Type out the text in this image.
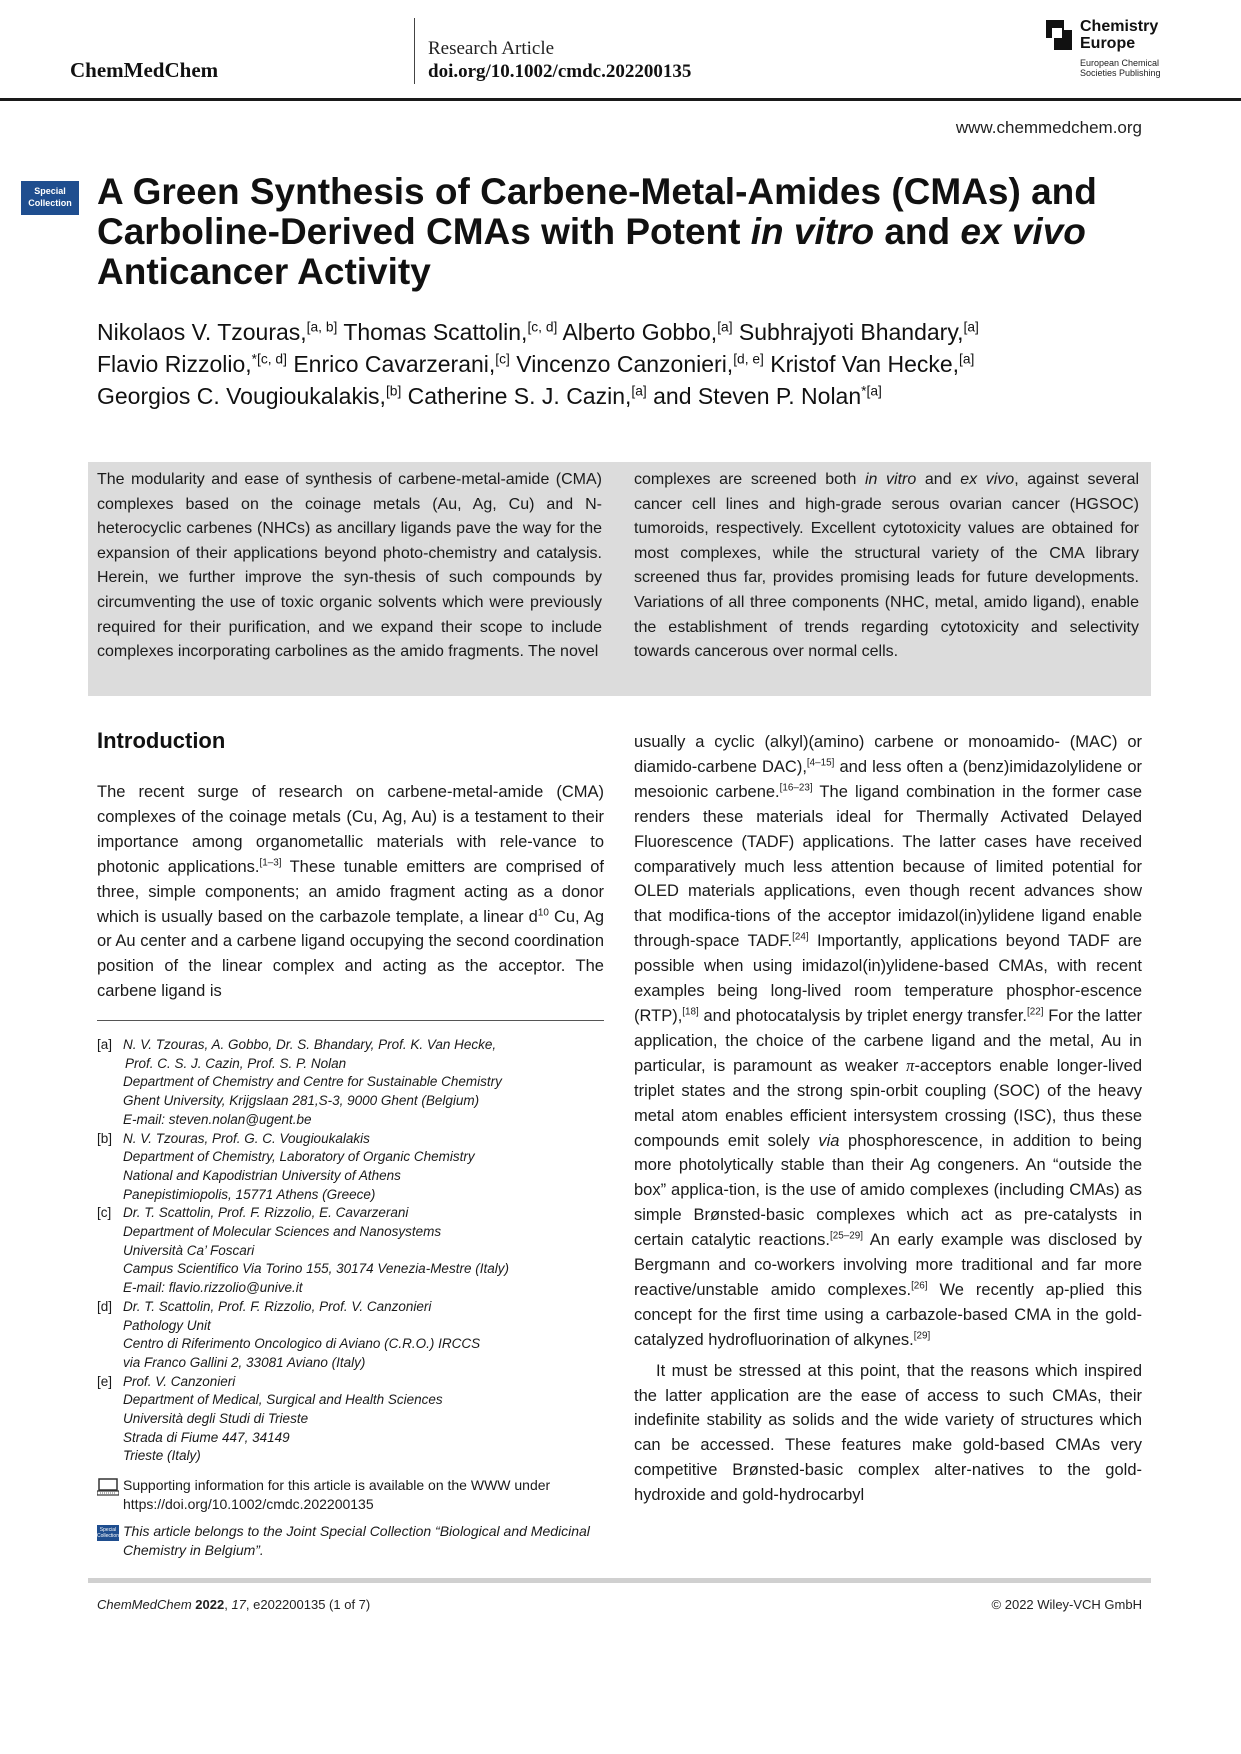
ChemMedChem
Research Article
doi.org/10.1002/cmdc.202200135
Chemistry Europe
European Chemical Societies Publishing
www.chemmedchem.org
Special
Collection A Green Synthesis of Carbene-Metal-Amides (CMAs) and Carboline-Derived CMAs with Potent in vitro and ex vivo Anticancer Activity

Nikolaos V. Tzouras,[a, b] Thomas Scattolin,[c, d] Alberto Gobbo,[a] Subhrajyoti Bhandary,[a]
Flavio Rizzolio,$^{*[c, d]}$ Enrico Cavarzerani,[c] Vincenzo Canzonieri,[d, e] Kristof Van Hecke,[a]
Georgios C. Vougioukalakis,[b] Catherine S. J. Cazin,[a] and Steven P. Nolan$^{*[a]}$

The modularity and ease of synthesis of carbene-metal-amide (CMA) complexes based on the coinage metals (Au, Ag, Cu) and N-heterocyclic carbenes (NHCs) as ancillary ligands pave the way for the expansion of their applications beyond photo-chemistry and catalysis. Herein, we further improve the syn-thesis of such compounds by circumventing the use of toxic organic solvents which were previously required for their purification, and we expand their scope to include complexes incorporating carbolines as the amido fragments. The novel

complexes are screened both in vitro and ex vivo, against several cancer cell lines and high-grade serous ovarian cancer (HGSOC) tumoroids, respectively. Excellent cytotoxicity values are obtained for most complexes, while the structural variety of the CMA library screened thus far, provides promising leads for future developments. Variations of all three components (NHC, metal, amido ligand), enable the establishment of trends regarding cytotoxicity and selectivity towards cancerous over normal cells.

Introduction

The recent surge of research on carbene-metal-amide (CMA) complexes of the coinage metals (Cu, Ag, Au) is a testament to their importance among organometallic materials with rele-vance to photonic applications.[1–3] These tunable emitters are comprised of three, simple components; an amido fragment acting as a donor which is usually based on the carbazole template, a linear $d^{10}$ Cu, Ag or Au center and a carbene ligand occupying the second coordination position of the linear complex and acting as the acceptor. The carbene ligand is

[a] N. V. Tzouras, A. Gobbo, Dr. S. Bhandary, Prof. K. Van Hecke,
Prof. C. S. J. Cazin, Prof. S. P. Nolan
Department of Chemistry and Centre for Sustainable Chemistry
Ghent University, Krijgslaan 281,S-3, 9000 Ghent (Belgium)
E-mail: steven.nolan@ugent.be
[b] N. V. Tzouras, Prof. G. C. Vougioukalakis
Department of Chemistry, Laboratory of Organic Chemistry
National and Kapodistrian University of Athens
Panepistimiopolis, 15771 Athens (Greece)
[c] Dr. T. Scattolin, Prof. F. Rizzolio, E. Cavarzerani
Department of Molecular Sciences and Nanosystems
Università Ca’ Foscari
Campus Scientifico Via Torino 155, 30174 Venezia-Mestre (Italy)
E-mail: flavio.rizzolio@unive.it
[d] Dr. T. Scattolin, Prof. F. Rizzolio, Prof. V. Canzonieri
Pathology Unit
Centro di Riferimento Oncologico di Aviano (C.R.O.) IRCCS
via Franco Gallini 2, 33081 Aviano (Italy)
[e] Prof. V. Canzonieri
Department of Medical, Surgical and Health Sciences
Università degli Studi di Trieste
Strada di Fiume 447, 34149
Trieste (Italy)

Supporting information for this article is available on the WWW under https://doi.org/10.1002/cmdc.202200135

Special
Collection This article belongs to the Joint Special Collection “Biological and Medicinal Chemistry in Belgium”.

usually a cyclic (alkyl)(amino) carbene or monoamido- (MAC) or diamido-carbene DAC),[4–15] and less often a (benz)imidazolylidene or mesoionic carbene.[16–23] The ligand combination in the former case renders these materials ideal for Thermally Activated Delayed Fluorescence (TADF) applications. The latter cases have received comparatively much less attention because of limited potential for OLED materials applications, even though recent advances show that modifica-tions of the acceptor imidazol(in)ylidene ligand enable through-space TADF.[24] Importantly, applications beyond TADF are possible when using imidazol(in)ylidene-based CMAs, with recent examples being long-lived room temperature phosphor-escence (RTP),[18] and photocatalysis by triplet energy transfer.[22] For the latter application, the choice of the carbene ligand and the metal, Au in particular, is paramount as weaker π-acceptors enable longer-lived triplet states and the strong spin-orbit coupling (SOC) of the heavy metal atom enables efficient intersystem crossing (ISC), thus these compounds emit solely via phosphorescence, in addition to being more photolytically stable than their Ag congeners. An “outside the box” applica-tion, is the use of amido complexes (including CMAs) as simple Brønsted-basic complexes which act as pre-catalysts in certain catalytic reactions.[25–29] An early example was disclosed by Bergmann and co-workers involving more traditional and far more reactive/unstable amido complexes.[26] We recently ap-plied this concept for the first time using a carbazole-based CMA in the gold-catalyzed hydrofluorination of alkynes.[29]

It must be stressed at this point, that the reasons which inspired the latter application are the ease of access to such CMAs, their indefinite stability as solids and the wide variety of structures which can be accessed. These features make gold-based CMAs very competitive Brønsted-basic complex alter-natives to the gold-hydroxide and gold-hydrocarbyl

ChemMedChem 2022, 17, e202200135 (1 of 7)	© 2022 Wiley-VCH GmbH
